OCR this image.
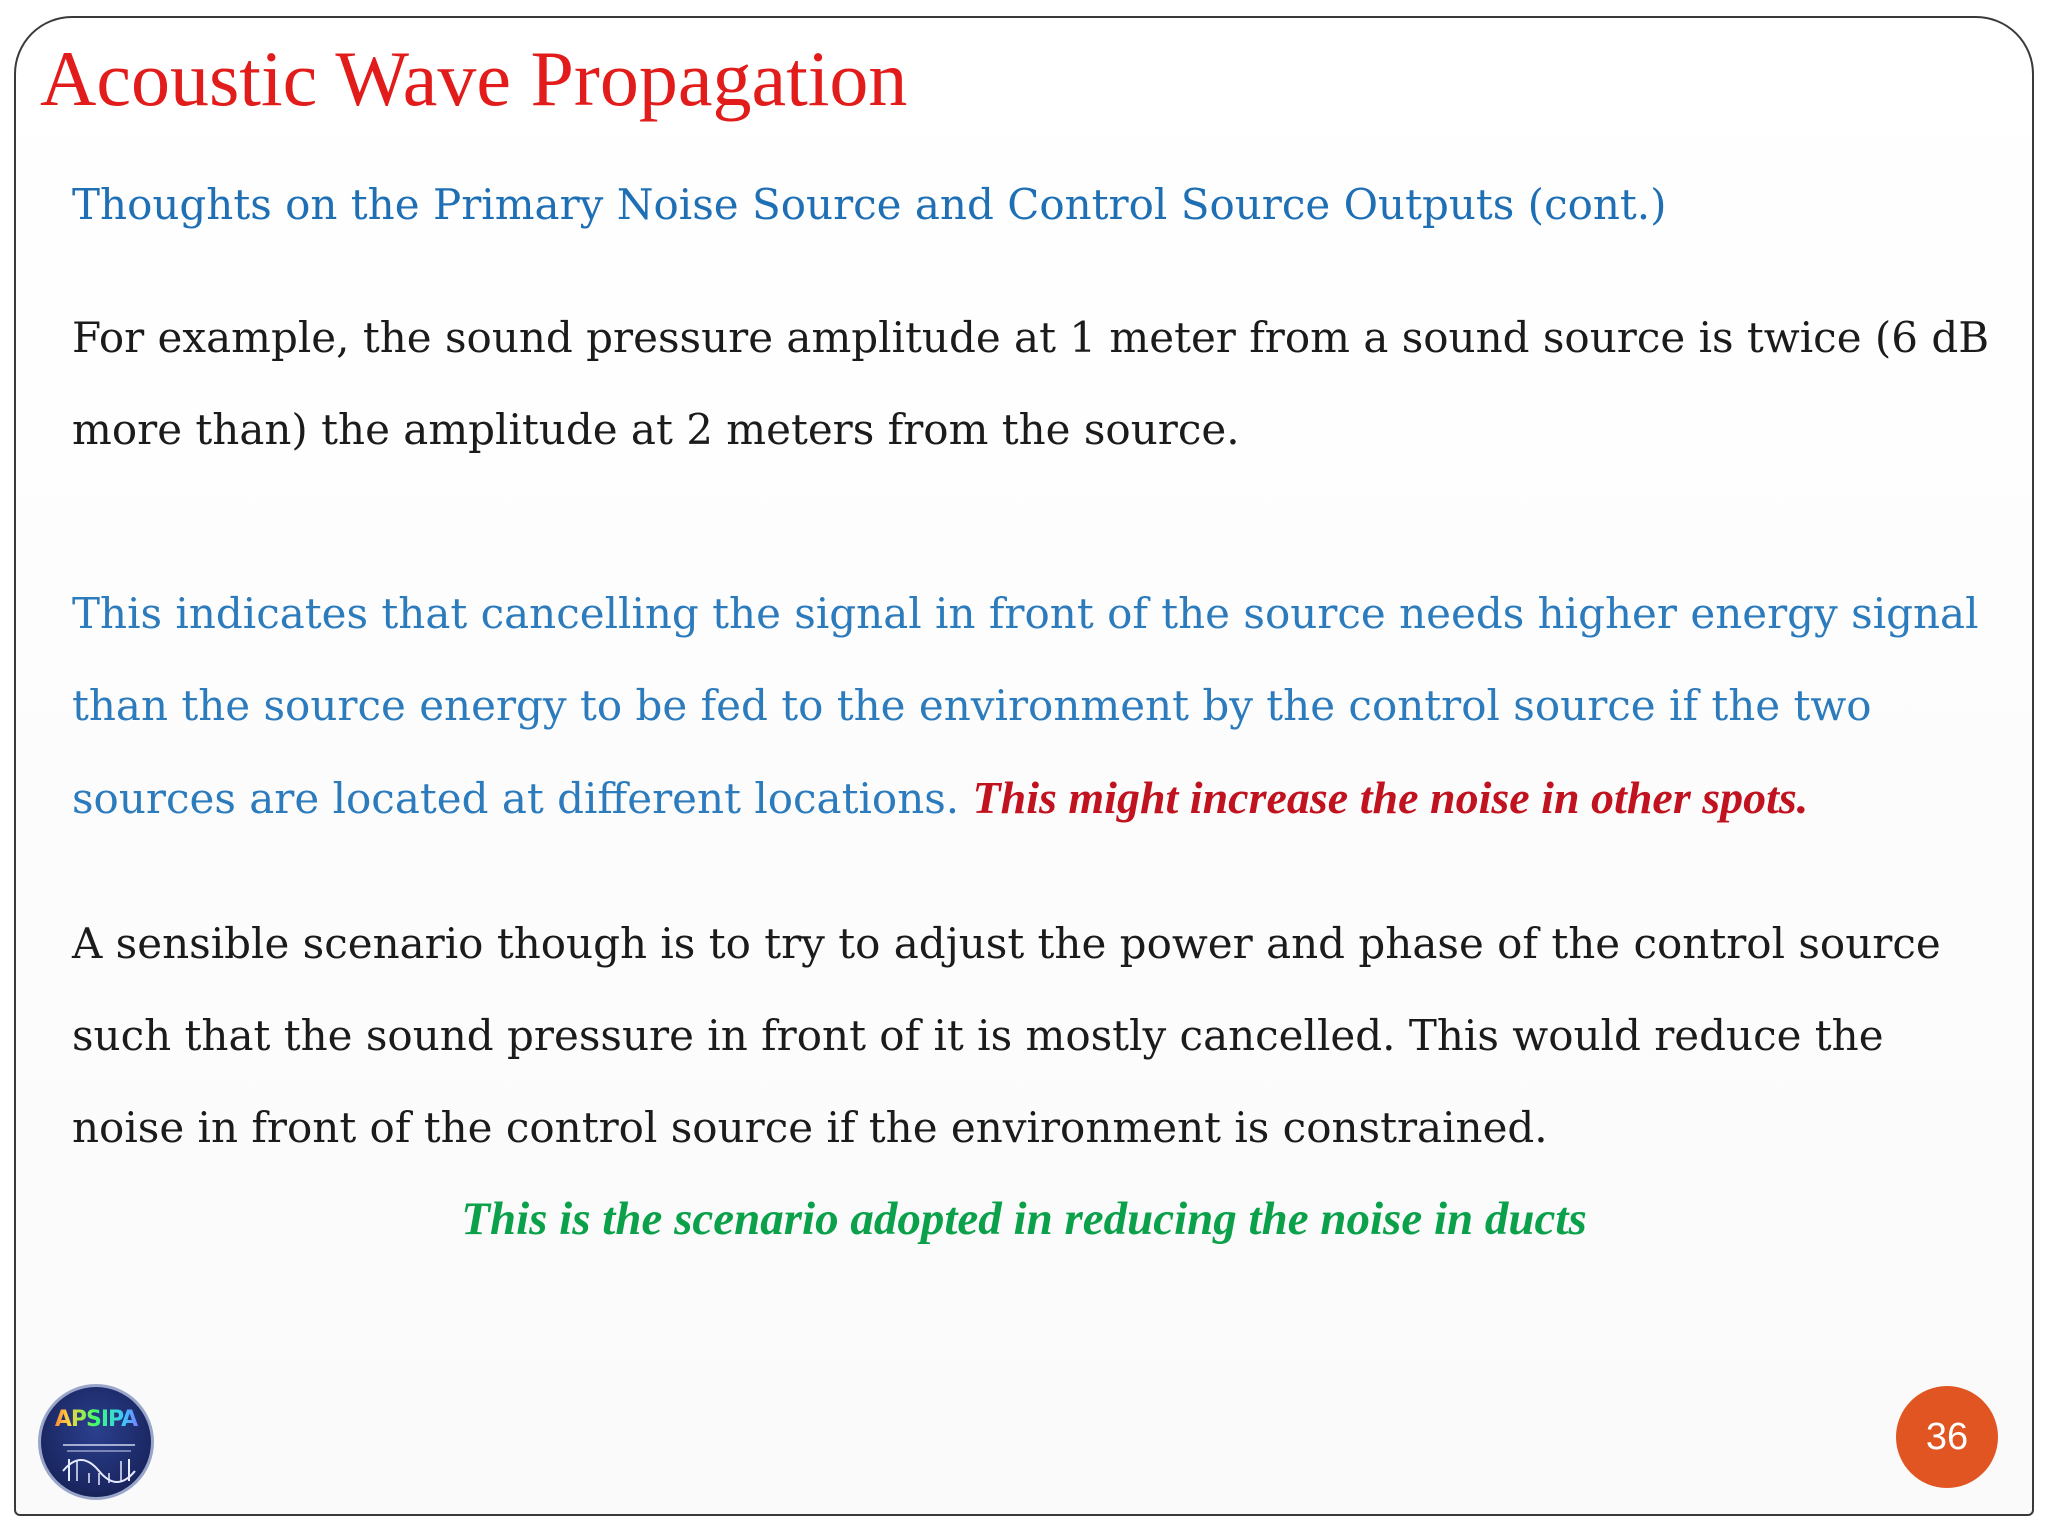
Acoustic Wave Propagation
Thoughts on the Primary Noise Source and Control Source Outputs (cont.)

For example, the sound pressure amplitude at 1 meter from a sound source is twice (6 dB more than) the amplitude at 2 meters from the source.

This indicates that cancelling the signal in front of the source needs higher energy signal than the source energy to be fed to the environment by the control source if the two sources are located at different locations. This might increase the noise in other spots.

A sensible scenario though is to try to adjust the power and phase of the control source such that the sound pressure in front of it is mostly cancelled. This would reduce the noise in front of the control source if the environment is constrained.

This is the scenario adopted in reducing the noise in ducts
APSIPA	36
